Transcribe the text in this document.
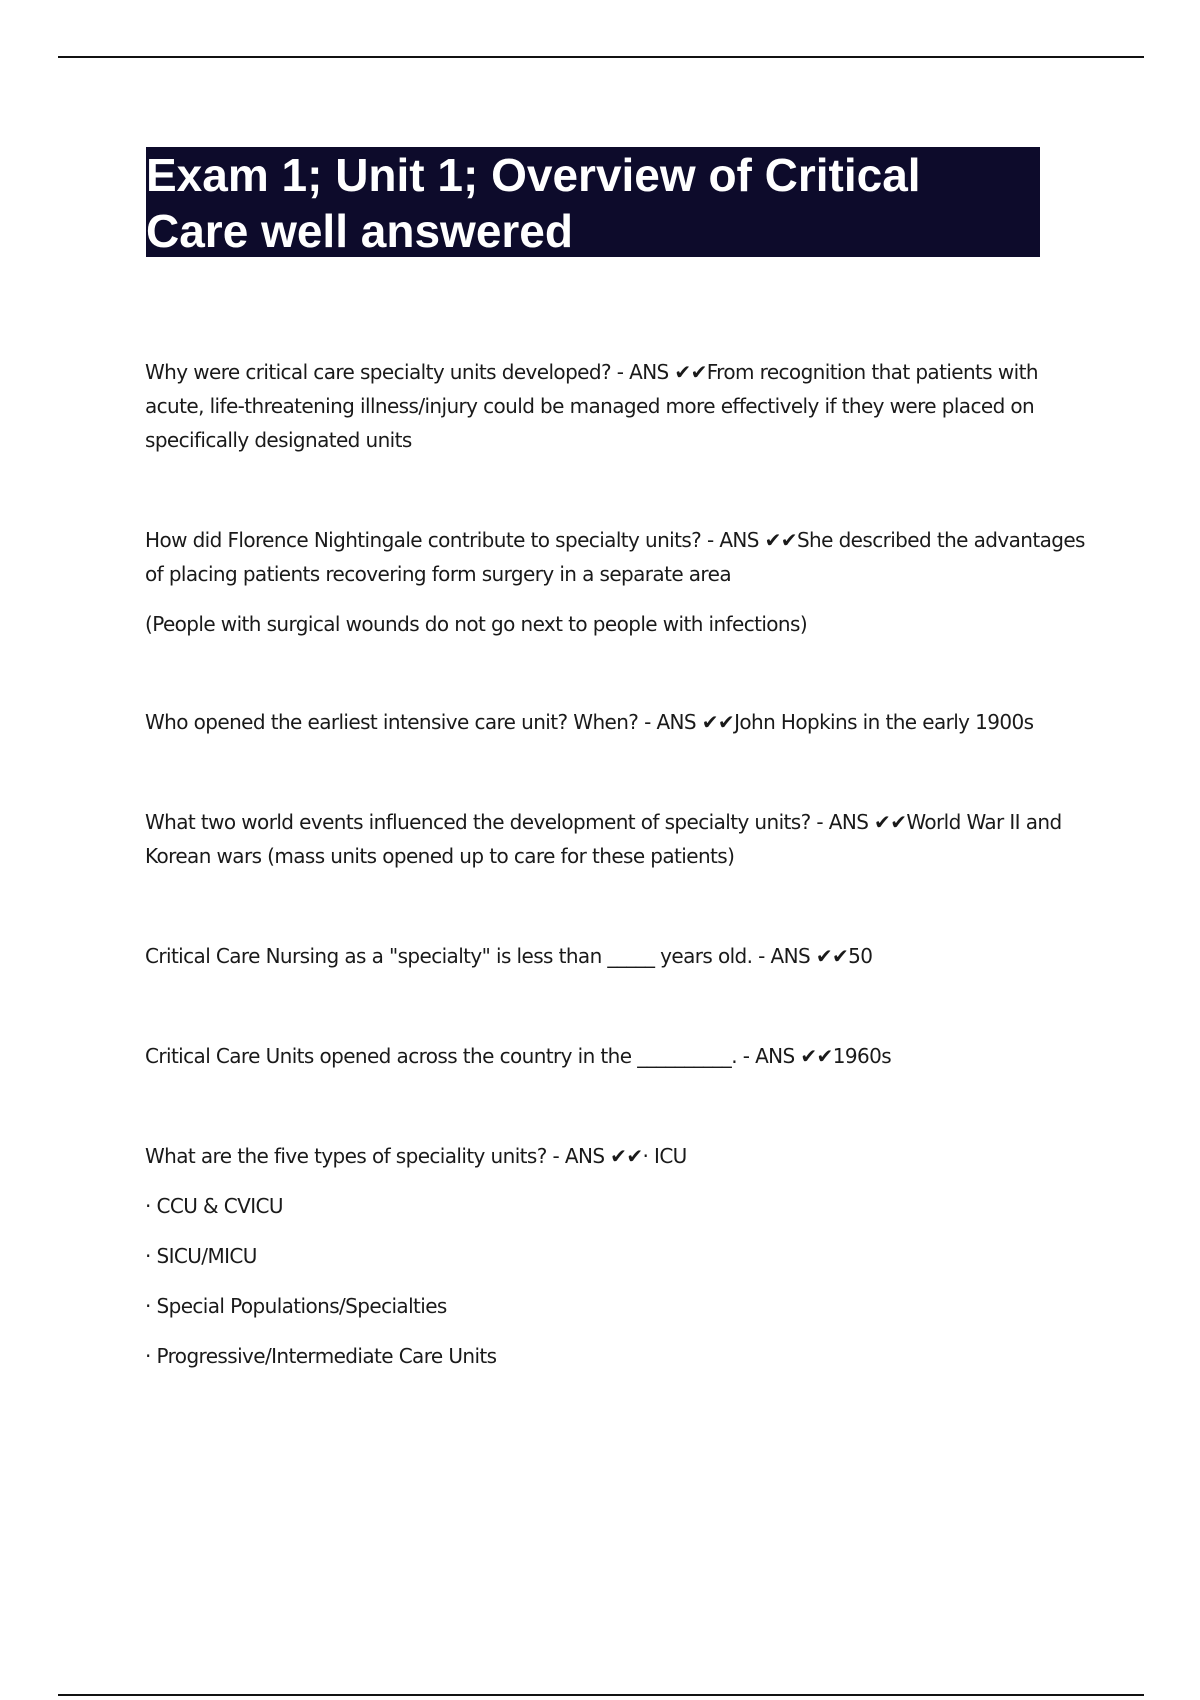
Exam 1; Unit 1; Overview of Critical
Care well answered

Why were critical care specialty units developed? - ANS ✔✔From recognition that patients with acute, life-threatening illness/injury could be managed more effectively if they were placed on specifically designated units

How did Florence Nightingale contribute to specialty units? - ANS ✔✔She described the advantages of placing patients recovering form surgery in a separate area

(People with surgical wounds do not go next to people with infections)

Who opened the earliest intensive care unit? When? - ANS ✔✔John Hopkins in the early 1900s

What two world events influenced the development of specialty units? - ANS ✔✔World War II and Korean wars (mass units opened up to care for these patients)

Critical Care Nursing as a "specialty" is less than _____ years old. - ANS ✔✔50

Critical Care Units opened across the country in the __________. - ANS ✔✔1960s

What are the five types of speciality units? - ANS ✔✔· ICU

· CCU & CVICU

· SICU/MICU

· Special Populations/Specialties

· Progressive/Intermediate Care Units
